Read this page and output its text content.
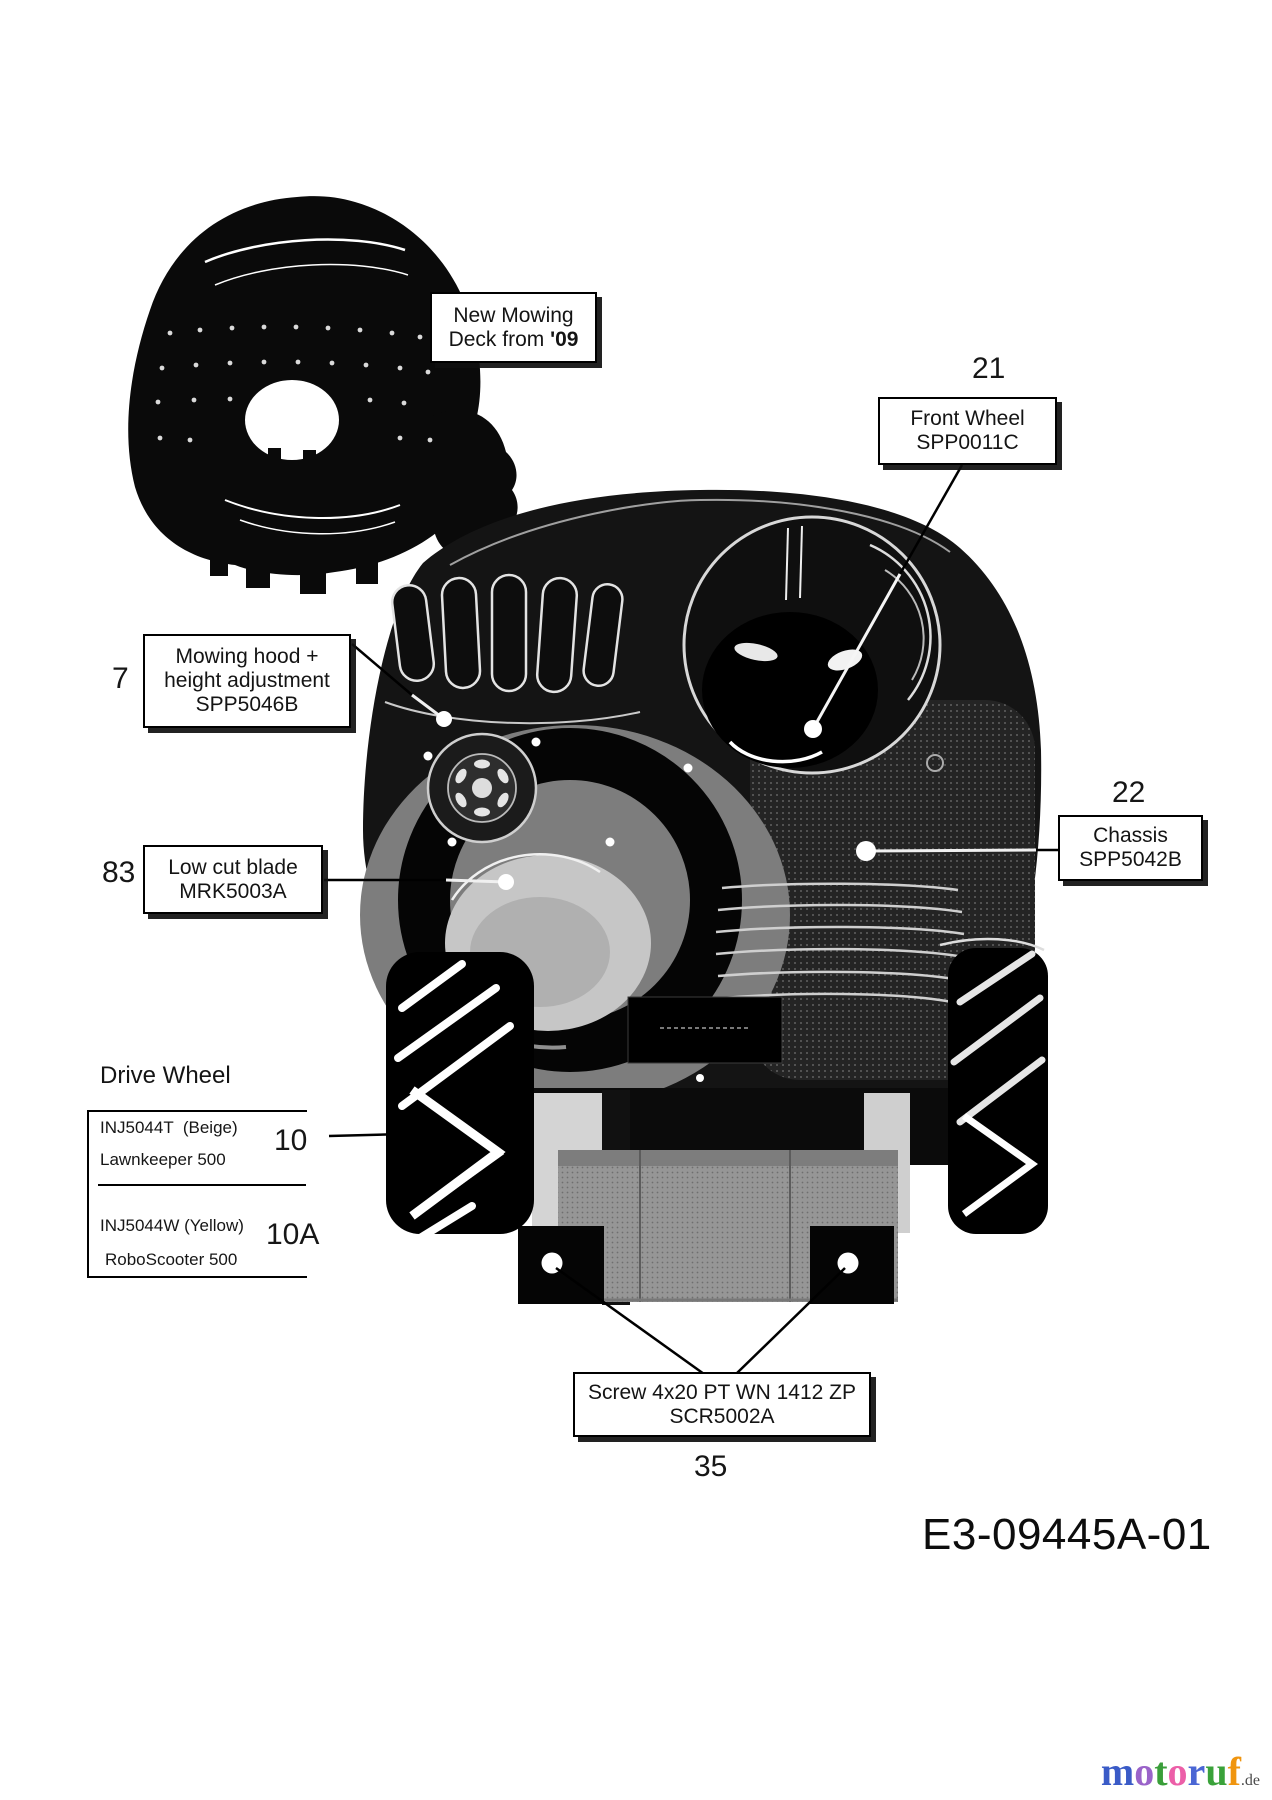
New Mowing
Deck from '09
21
Front Wheel
SPP0011C
7
Mowing hood +
height adjustment
SPP5046B
22
Chassis
SPP5042B
83 Low cut blade
MRK5003A
Drive Wheel
INJ5044T  (Beige)
Lawnkeeper 500
10
INJ5044W (Yellow)
RoboScooter 500
10A
Screw 4x20 PT WN 1412 ZP
SCR5002A
35
E3-09445A-01
motoruf.de
